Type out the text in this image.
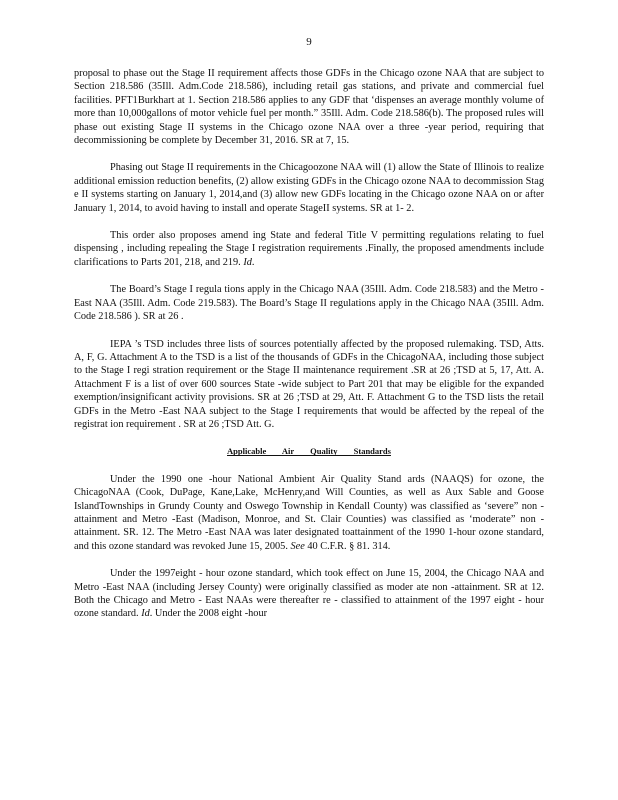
9

proposal to phase out the Stage II requirement affects those GDFs in the Chicago ozone NAA that are subject to Section 218.586 (35Ill. Adm.Code 218.586), including retail gas stations, and private and commercial fuel facilities. PFT1Burkhart at 1. Section 218.586 applies to any GDF that ‘dispenses an average monthly volume of more than 10,000gallons of motor vehicle fuel per month.” 35Ill. Adm. Code 218.586(b). The proposed rules will phase out existing Stage II systems in the Chicago ozone NAA over a three -year period, requiring that decommissioning be complete by December 31, 2016. SR at 7, 15.

Phasing out Stage II requirements in the Chicagoozone NAA will (1) allow the State of Illinois to realize additional emission reduction benefits, (2) allow existing GDFs in the Chicago ozone NAA to decommission Stag e II systems starting on January 1, 2014,and (3) allow new GDFs locating in the Chicago ozone NAA on or after January 1, 2014, to avoid having to install and operate StageII systems. SR at 1- 2.

This order also proposes amend ing State and federal Title V permitting regulations relating to fuel dispensing , including repealing the Stage I registration requirements .Finally, the proposed amendments include clarifications to Parts 201, 218, and 219. Id.

The Board’s Stage I regula tions apply in the Chicago NAA (35Ill. Adm. Code 218.583) and the Metro -East NAA (35Ill. Adm. Code 219.583). The Board’s Stage II regulations apply in the Chicago NAA (35Ill. Adm. Code 218.586 ). SR at 26 .

IEPA ’s TSD includes three lists of sources potentially affected by the proposed rulemaking. TSD, Atts. A, F, G. Attachment A to the TSD is a list of the thousands of GDFs in the ChicagoNAA, including those subject to the Stage I regi stration requirement or the Stage II maintenance requirement .SR at 26 ;TSD at 5, 17, Att. A. Attachment F is a list of over 600 sources State -wide subject to Part 201 that may be eligible for the expanded exemption/insignificant activity provisions. SR at 26 ;TSD at 29, Att. F. Attachment G to the TSD lists the retail GDFs in the Metro -East NAA subject to the Stage I requirements that would be affected by the repeal of the registrat ion requirement . SR at 26 ;TSD Att. G.

Applicable Air Quality Standards

Under the 1990 one -hour National Ambient Air Quality Stand ards (NAAQS) for ozone, the ChicagoNAA (Cook, DuPage, Kane,Lake, McHenry,and Will Counties, as well as Aux Sable and Goose IslandTownships in Grundy County and Oswego Township in Kendall County) was classified as ‘severe” non -attainment and Metro -East (Madison, Monroe, and St. Clair Counties) was classified as ‘moderate” non -attainment. SR. 12. The Metro -East NAA was later designated toattainment of the 1990 1-hour ozone standard, and this ozone standard was revoked June 15, 2005. See 40 C.F.R. § 81. 314.

Under the 1997eight - hour ozone standard, which took effect on June 15, 2004, the Chicago NAA and Metro -East NAA (including Jersey County) were originally classified as moder ate non -attainment. SR at 12. Both the Chicago and Metro - East NAAs were thereafter re - classified to attainment of the 1997 eight - hour ozone standard. Id. Under the 2008 eight -hour
